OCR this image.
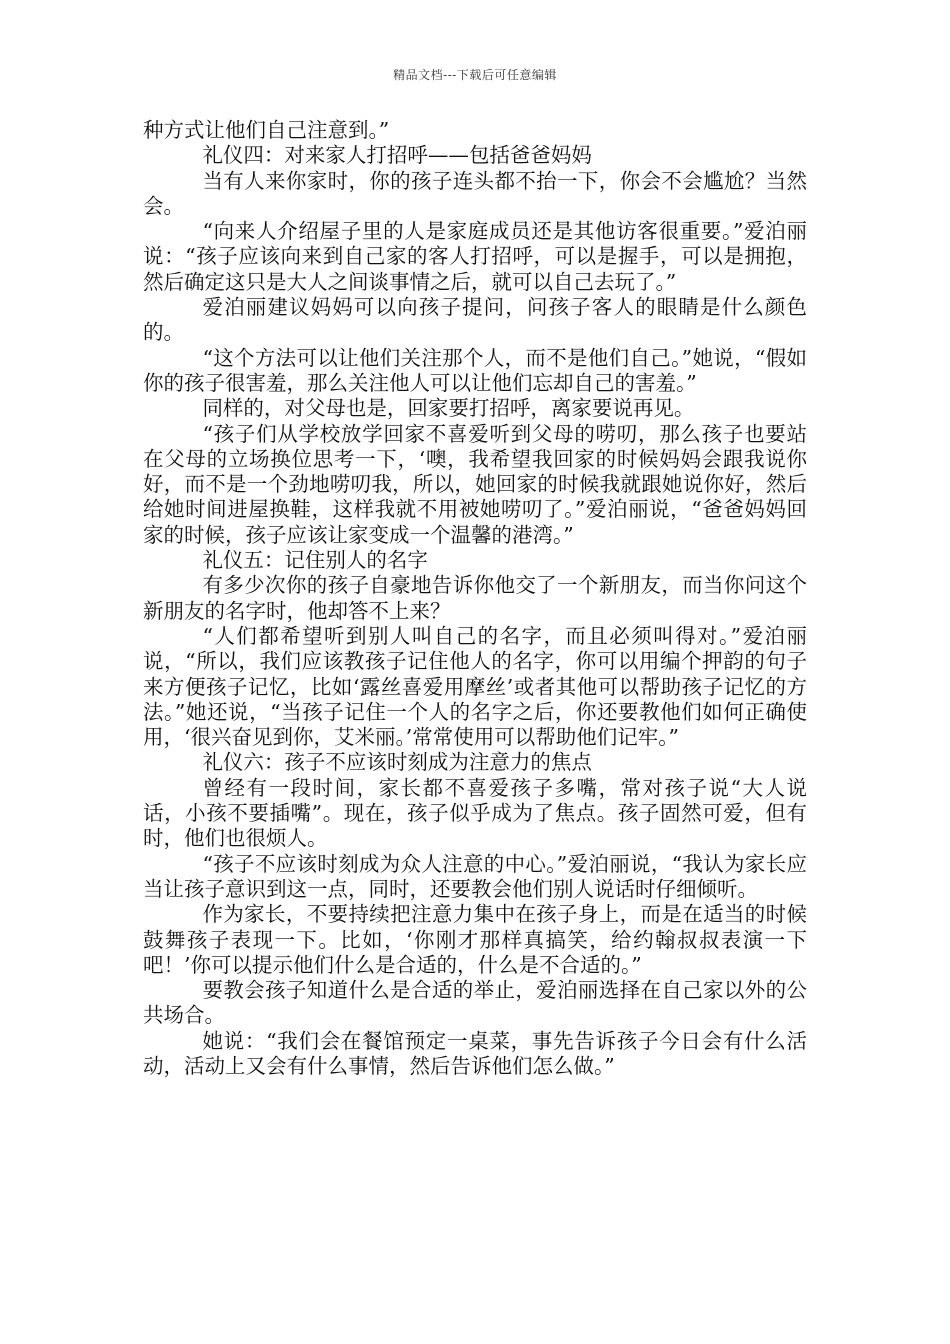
精品文档---下载后可任意编辑

种方式让他们自己注意到。”

礼仪四：对来家人打招呼——包括爸爸妈妈

当有人来你家时，你的孩子连头都不抬一下，你会不会尴尬？当然会。

“向来人介绍屋子里的人是家庭成员还是其他访客很重要。”爱泊丽说：“孩子应该向来到自己家的客人打招呼，可以是握手，可以是拥抱，然后确定这只是大人之间谈事情之后，就可以自己去玩了。”

爱泊丽建议妈妈可以向孩子提问，问孩子客人的眼睛是什么颜色的。

“这个方法可以让他们关注那个人，而不是他们自己。”她说，“假如你的孩子很害羞，那么关注他人可以让他们忘却自己的害羞。”

同样的，对父母也是，回家要打招呼，离家要说再见。

“孩子们从学校放学回家不喜爱听到父母的唠叨，那么孩子也要站在父母的立场换位思考一下，‘噢，我希望我回家的时候妈妈会跟我说你好，而不是一个劲地唠叨我，所以，她回家的时候我就跟她说你好，然后给她时间进屋换鞋，这样我就不用被她唠叨了。”爱泊丽说，“爸爸妈妈回家的时候，孩子应该让家变成一个温馨的港湾。”

礼仪五：记住别人的名字

有多少次你的孩子自豪地告诉你他交了一个新朋友，而当你问这个新朋友的名字时，他却答不上来？

“人们都希望听到别人叫自己的名字，而且必须叫得对。”爱泊丽说，“所以，我们应该教孩子记住他人的名字，你可以用编个押韵的句子来方便孩子记忆，比如‘露丝喜爱用摩丝’或者其他可以帮助孩子记忆的方法。”她还说，“当孩子记住一个人的名字之后，你还要教他们如何正确使用，‘很兴奋见到你，艾米丽。’常常使用可以帮助他们记牢。”

礼仪六：孩子不应该时刻成为注意力的焦点

曾经有一段时间，家长都不喜爱孩子多嘴，常对孩子说“大人说话，小孩不要插嘴”。现在，孩子似乎成为了焦点。孩子固然可爱，但有时，他们也很烦人。

“孩子不应该时刻成为众人注意的中心。”爱泊丽说，“我认为家长应当让孩子意识到这一点，同时，还要教会他们别人说话时仔细倾听。

作为家长，不要持续把注意力集中在孩子身上，而是在适当的时候鼓舞孩子表现一下。比如，‘你刚才那样真搞笑，给约翰叔叔表演一下吧！’你可以提示他们什么是合适的，什么是不合适的。”

要教会孩子知道什么是合适的举止，爱泊丽选择在自己家以外的公共场合。

她说：“我们会在餐馆预定一桌菜，事先告诉孩子今日会有什么活动，活动上又会有什么事情，然后告诉他们怎么做。”
